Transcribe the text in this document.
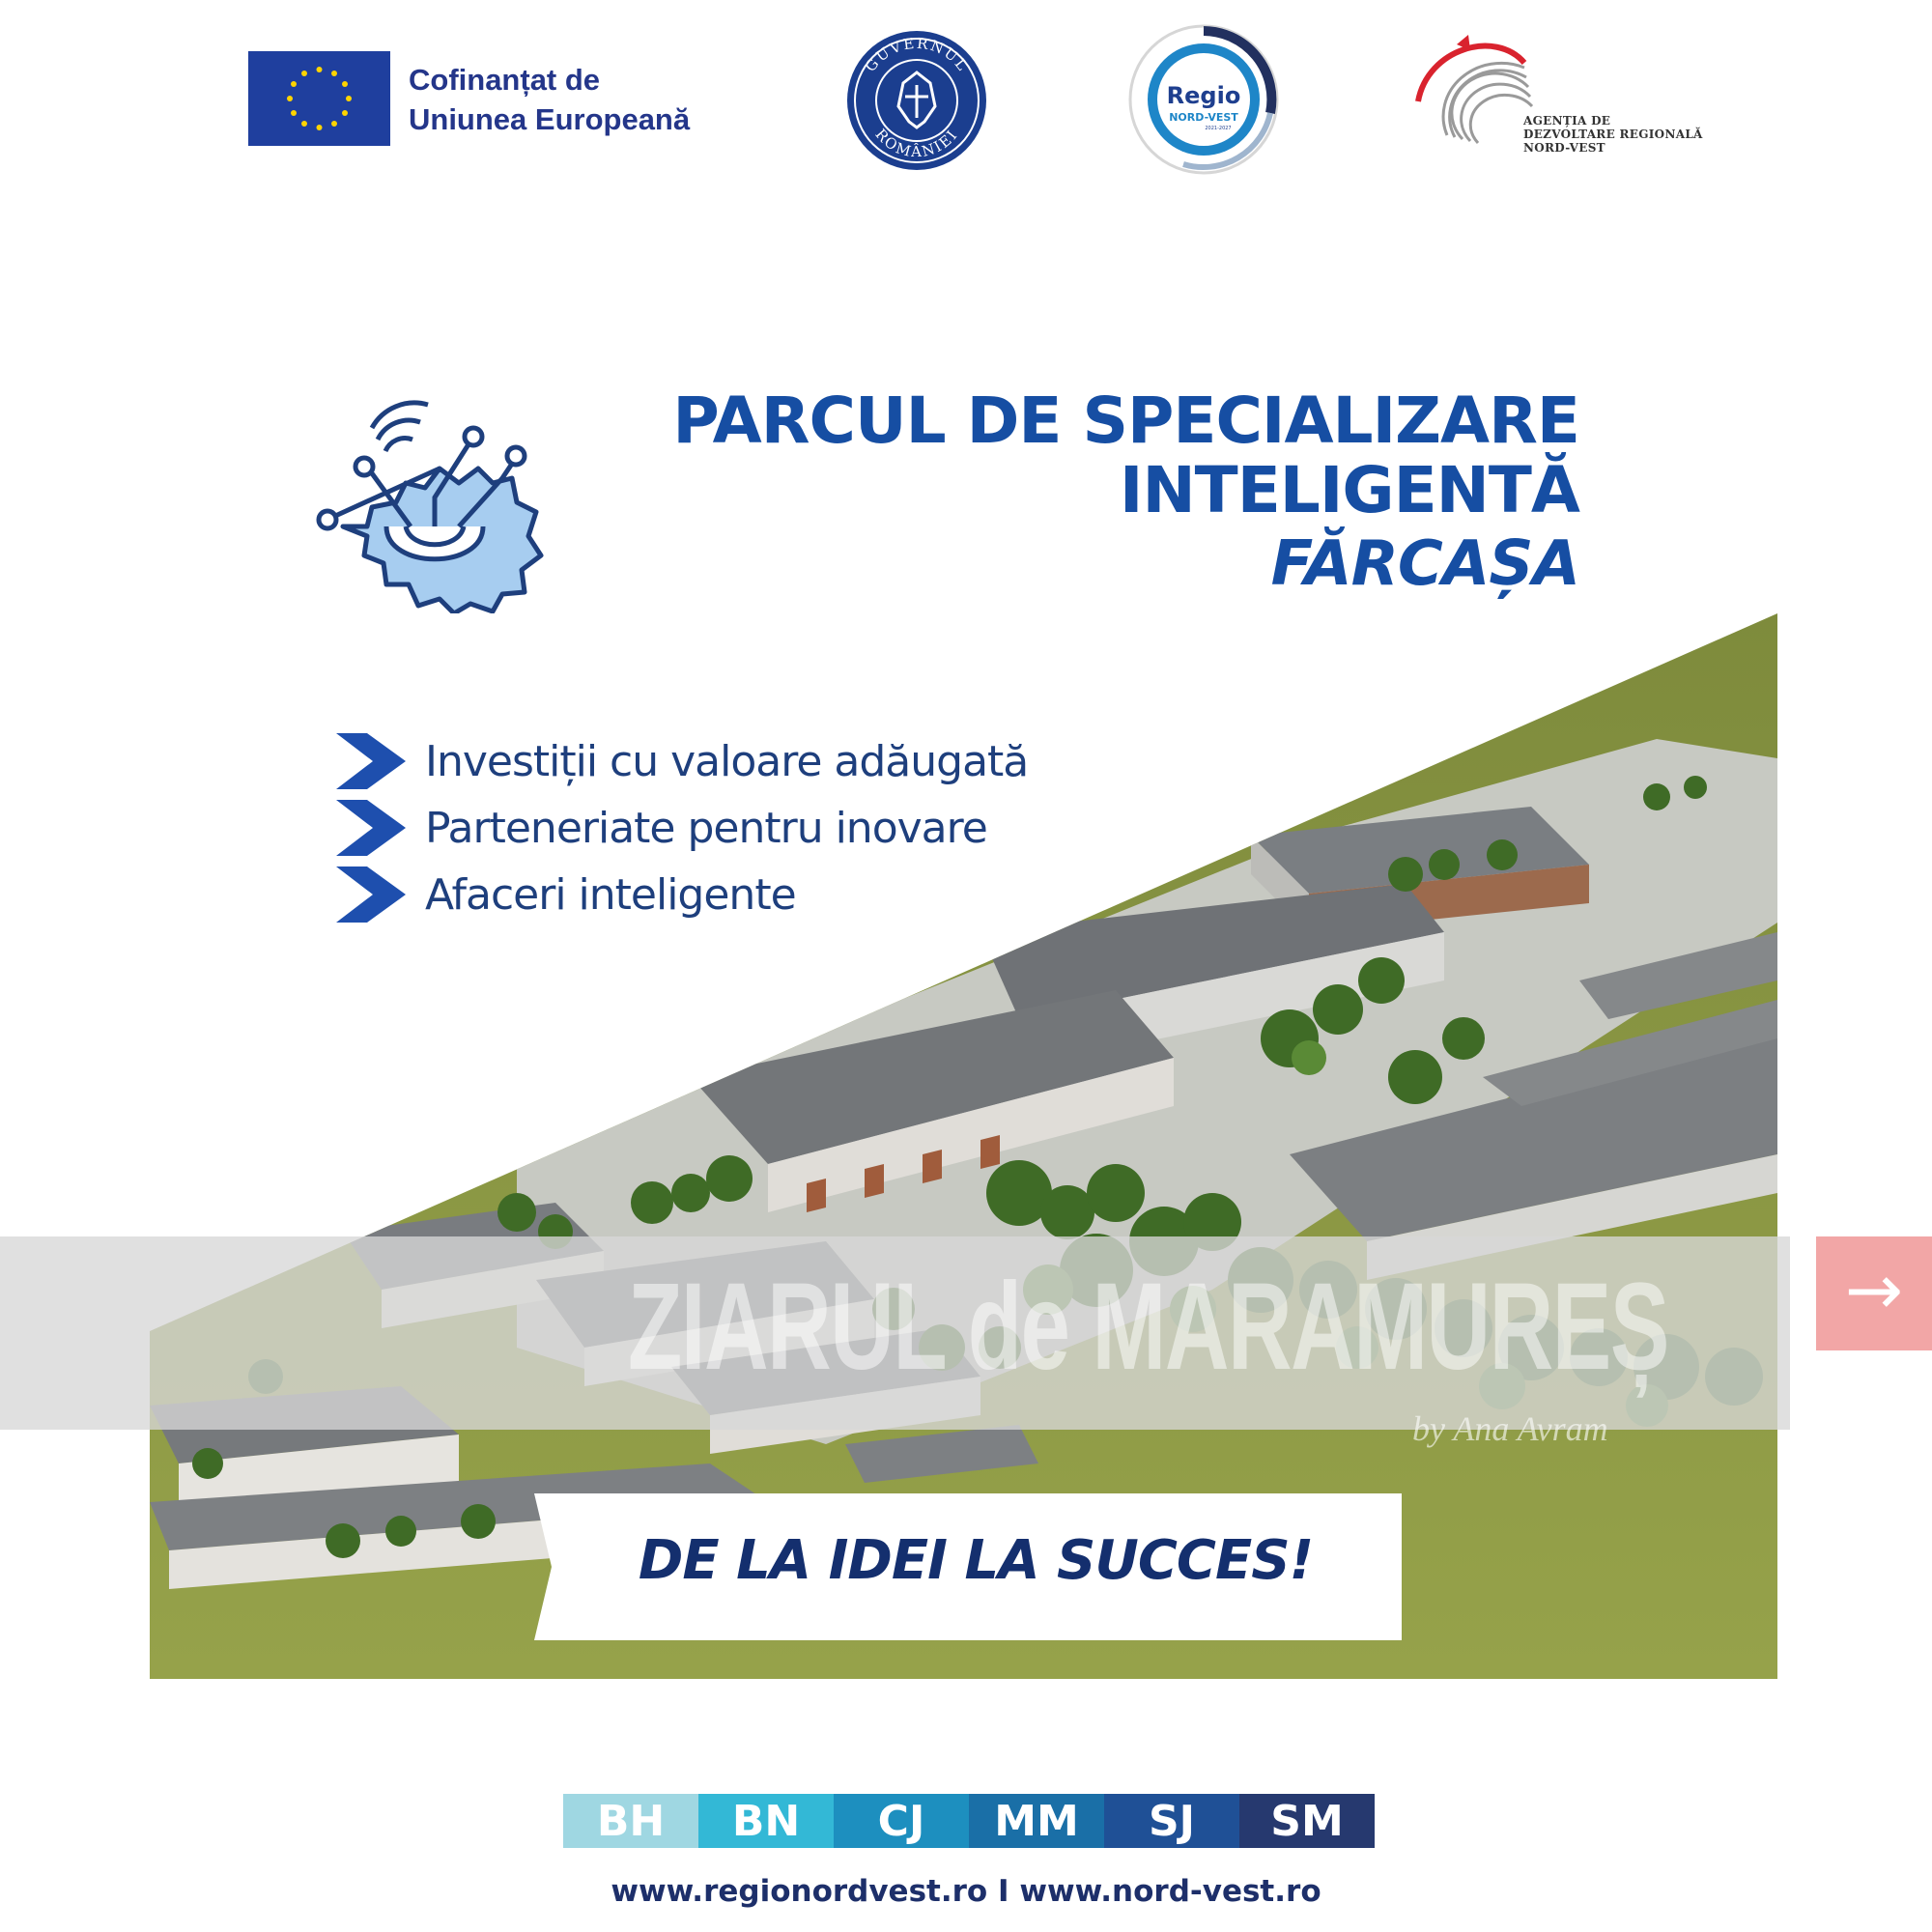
Cofinanțat de
Uniunea Europeană
GUVERNUL
ROMÂNIEI
Regio
NORD-VEST
2021-2027
AGENȚIA DE
DEZVOLTARE REGIONALĂ
NORD-VEST
PARCUL DE SPECIALIZARE
INTELIGENTĂ
FĂRCAȘA
Investiții cu valoare adăugată
Parteneriate pentru inovare
Afaceri inteligente
ZIARUL de MARAMUREȘ
by Ana Avram
→
DE LA IDEI LA SUCCES!
BH	BN	CJ	MM	SJ	SM
www.regionordvest.ro I www.nord-vest.ro
